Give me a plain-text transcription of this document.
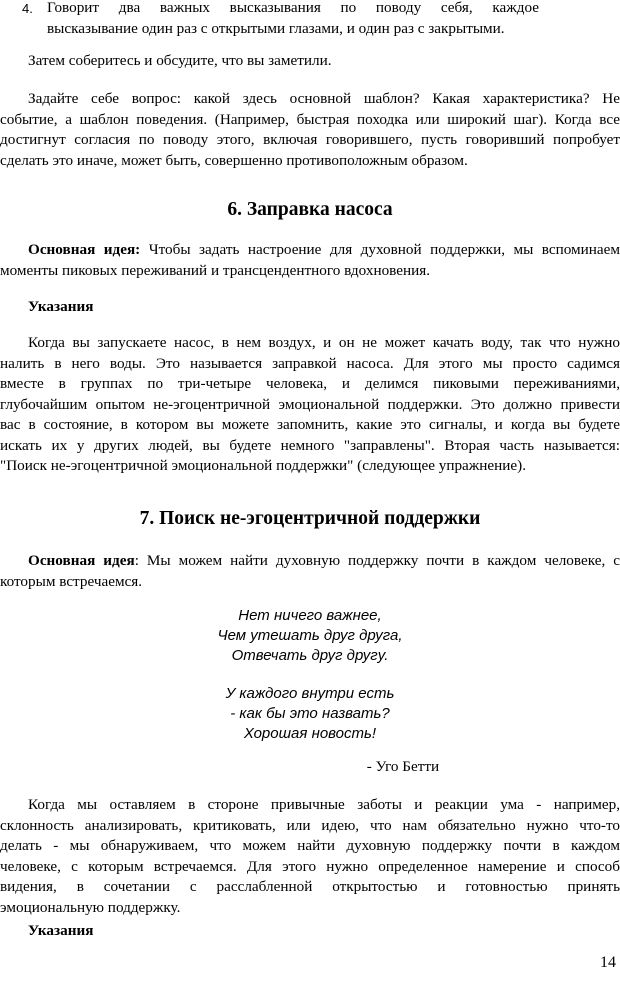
4. Говорит два важных высказывания по поводу себя, каждое
высказывание один раз с открытыми глазами, и один раз с закрытыми.
Затем соберитесь и обсудите, что вы заметили.
Задайте себе вопрос: какой здесь основной шаблон? Какая характеристика? Не
событие, а шаблон поведения. (Например, быстрая походка или широкий шаг). Когда все
достигнут согласия по поводу этого, включая говорившего, пусть говоривший попробует
сделать это иначе, может быть, совершенно противоположным образом.
6. Заправка насоса
Основная идея: Чтобы задать настроение для духовной поддержки, мы вспоминаем
моменты пиковых переживаний и трансцендентного вдохновения.
Указания
Когда вы запускаете насос, в нем воздух, и он не может качать воду, так что нужно
налить в него воды. Это называется заправкой насоса. Для этого мы просто садимся
вместе в группах по три-четыре человека, и делимся пиковыми переживаниями,
глубочайшим опытом не-эгоцентричной эмоциональной поддержки. Это должно привести
вас в состояние, в котором вы можете запомнить, какие это сигналы, и когда вы будете
искать их у других людей, вы будете немного "заправлены". Вторая часть называется:
"Поиск не-эгоцентричной эмоциональной поддержки" (следующее упражнение).
7. Поиск не-эгоцентричной поддержки
Основная идея: Мы можем найти духовную поддержку почти в каждом человеке, с
которым встречаемся.
Нет ничего важнее,
Чем утешать друг друга,
Отвечать друг другу.
У каждого внутри есть
- как бы это назвать?
Хорошая новость!
- Уго Бетти
Когда мы оставляем в стороне привычные заботы и реакции ума - например,
склонность анализировать, критиковать, или идею, что нам обязательно нужно что-то
делать - мы обнаруживаем, что можем найти духовную поддержку почти в каждом
человеке, с которым встречаемся. Для этого нужно определенное намерение и способ
видения, в сочетании с расслабленной открытостью и готовностью принять
эмоциональную поддержку.
Указания
14
